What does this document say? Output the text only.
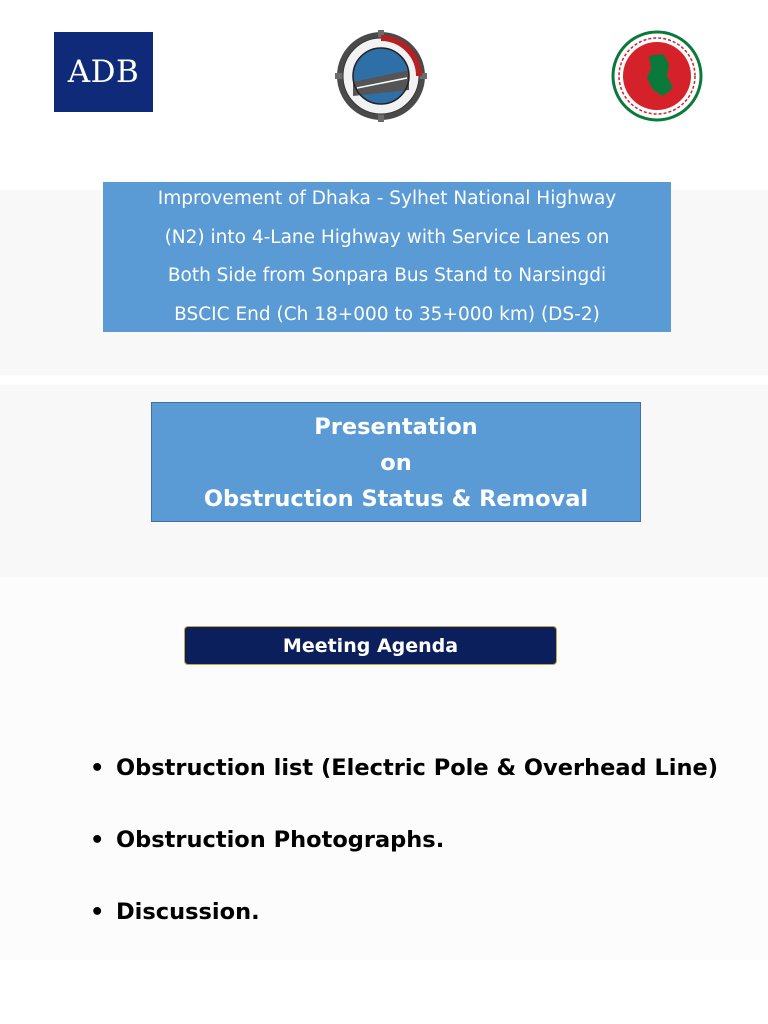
ADB
Improvement of Dhaka - Sylhet National Highway
(N2) into 4-Lane Highway with Service Lanes on
Both Side from Sonpara Bus Stand to Narsingdi
BSCIC End (Ch 18+000 to 35+000 km) (DS-2)
Presentation
on
Obstruction Status & Removal
Meeting Agenda
• Obstruction list (Electric Pole & Overhead Line)
• Obstruction Photographs.
• Discussion.
